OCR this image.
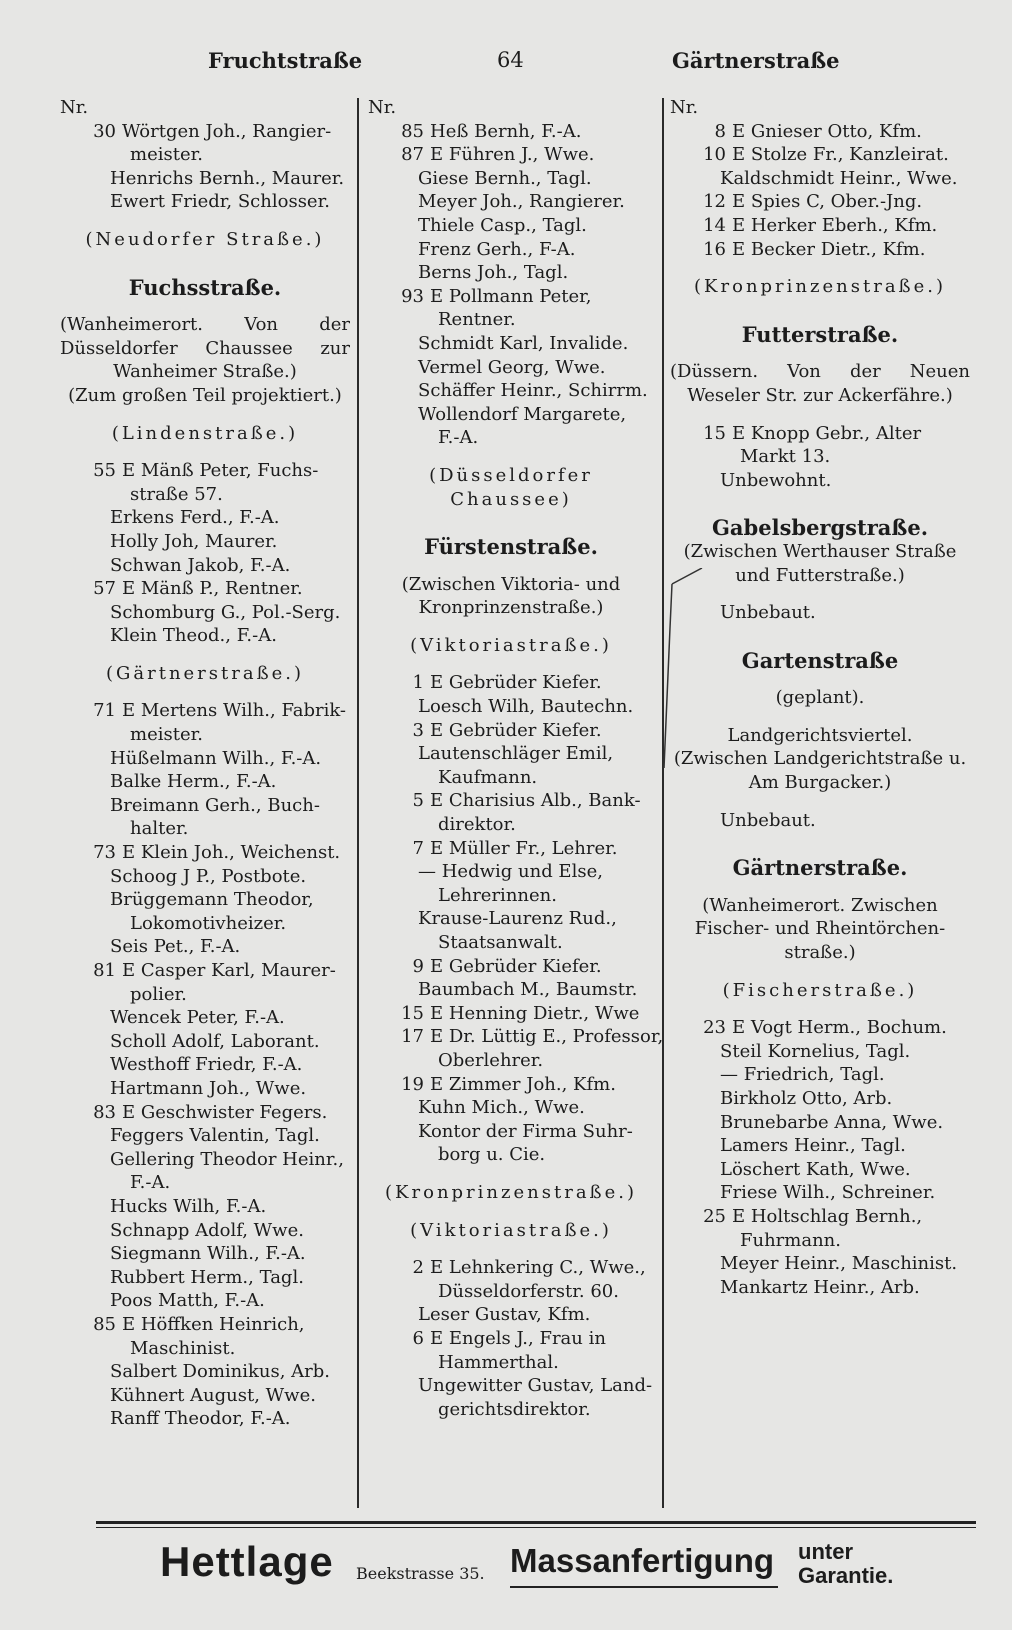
Fruchtstraße	64	Gärtnerstraße
Nr.
30 Wörtgen Joh., Rangier-
meister.
Henrichs Bernh., Maurer.
Ewert Friedr, Schlosser.
(Neudorfer Straße.)
Fuchsstraße.
(Wanheimerort. Von der
Düsseldorfer Chaussee zur
Wanheimer Straße.)
(Zum großen Teil projektiert.)
(Lindenstraße.)
55 E Mänß Peter, Fuchs-
straße 57.
Erkens Ferd., F.-A.
Holly Joh, Maurer.
Schwan Jakob, F.-A.
57 E Mänß P., Rentner.
Schomburg G., Pol.-Serg.
Klein Theod., F.-A.
(Gärtnerstraße.)
71 E Mertens Wilh., Fabrik-
meister.
Hüßelmann Wilh., F.-A.
Balke Herm., F.-A.
Breimann Gerh., Buch-
halter.
73 E Klein Joh., Weichenst.
Schoog J P., Postbote.
Brüggemann Theodor,
Lokomotivheizer.
Seis Pet., F.-A.
81 E Casper Karl, Maurer-
polier.
Wencek Peter, F.-A.
Scholl Adolf, Laborant.
Westhoff Friedr, F.-A.
Hartmann Joh., Wwe.
83 E Geschwister Fegers.
Feggers Valentin, Tagl.
Gellering Theodor Heinr.,
F.-A.
Hucks Wilh, F.-A.
Schnapp Adolf, Wwe.
Siegmann Wilh., F.-A.
Rubbert Herm., Tagl.
Poos Matth, F.-A.
85 E Höffken Heinrich,
Maschinist.
Salbert Dominikus, Arb.
Kühnert August, Wwe.
Ranff Theodor, F.-A.
Nr.
85 Heß Bernh, F.-A.
87 E Führen J., Wwe.
Giese Bernh., Tagl.
Meyer Joh., Rangierer.
Thiele Casp., Tagl.
Frenz Gerh., F-A.
Berns Joh., Tagl.
93 E Pollmann Peter,
Rentner.
Schmidt Karl, Invalide.
Vermel Georg, Wwe.
Schäffer Heinr., Schirrm.
Wollendorf Margarete,
F.-A.
(Düsseldorfer
Chaussee)
Fürstenstraße.
(Zwischen Viktoria- und
Kronprinzenstraße.)
(Viktoriastraße.)
1 E Gebrüder Kiefer.
Loesch Wilh, Bautechn.
3 E Gebrüder Kiefer.
Lautenschläger Emil,
Kaufmann.
5 E Charisius Alb., Bank-
direktor.
7 E Müller Fr., Lehrer.
— Hedwig und Else,
Lehrerinnen.
Krause-Laurenz Rud.,
Staatsanwalt.
9 E Gebrüder Kiefer.
Baumbach M., Baumstr.
15 E Henning Dietr., Wwe
17 E Dr. Lüttig E., Professor,
Oberlehrer.
19 E Zimmer Joh., Kfm.
Kuhn Mich., Wwe.
Kontor der Firma Suhr-
borg u. Cie.
(Kronprinzenstraße.)
(Viktoriastraße.)
2 E Lehnkering C., Wwe.,
Düsseldorferstr. 60.
Leser Gustav, Kfm.
6 E Engels J., Frau in
Hammerthal.
Ungewitter Gustav, Land-
gerichtsdirektor.
Nr.
8 E Gnieser Otto, Kfm.
10 E Stolze Fr., Kanzleirat.
Kaldschmidt Heinr., Wwe.
12 E Spies C, Ober.-Jng.
14 E Herker Eberh., Kfm.
16 E Becker Dietr., Kfm.
(Kronprinzenstraße.)
Futterstraße.
(Düssern. Von der Neuen
Weseler Str. zur Ackerfähre.)
15 E Knopp Gebr., Alter
Markt 13.
Unbewohnt.
Gabelsbergstraße.
(Zwischen Werthauser Straße
und Futterstraße.)
Unbebaut.
Gartenstraße
(geplant).
Landgerichtsviertel.
(Zwischen Landgerichtstraße u.
Am Burgacker.)
Unbebaut.
Gärtnerstraße.
(Wanheimerort. Zwischen
Fischer- und Rheintörchen-
straße.)
(Fischerstraße.)
23 E Vogt Herm., Bochum.
Steil Kornelius, Tagl.
— Friedrich, Tagl.
Birkholz Otto, Arb.
Brunebarbe Anna, Wwe.
Lamers Heinr., Tagl.
Löschert Kath, Wwe.
Friese Wilh., Schreiner.
25 E Holtschlag Bernh.,
Fuhrmann.
Meyer Heinr., Maschinist.
Mankartz Heinr., Arb.
Hettlage Beekstrasse 35. Massanfertigung unter
Garantie.
